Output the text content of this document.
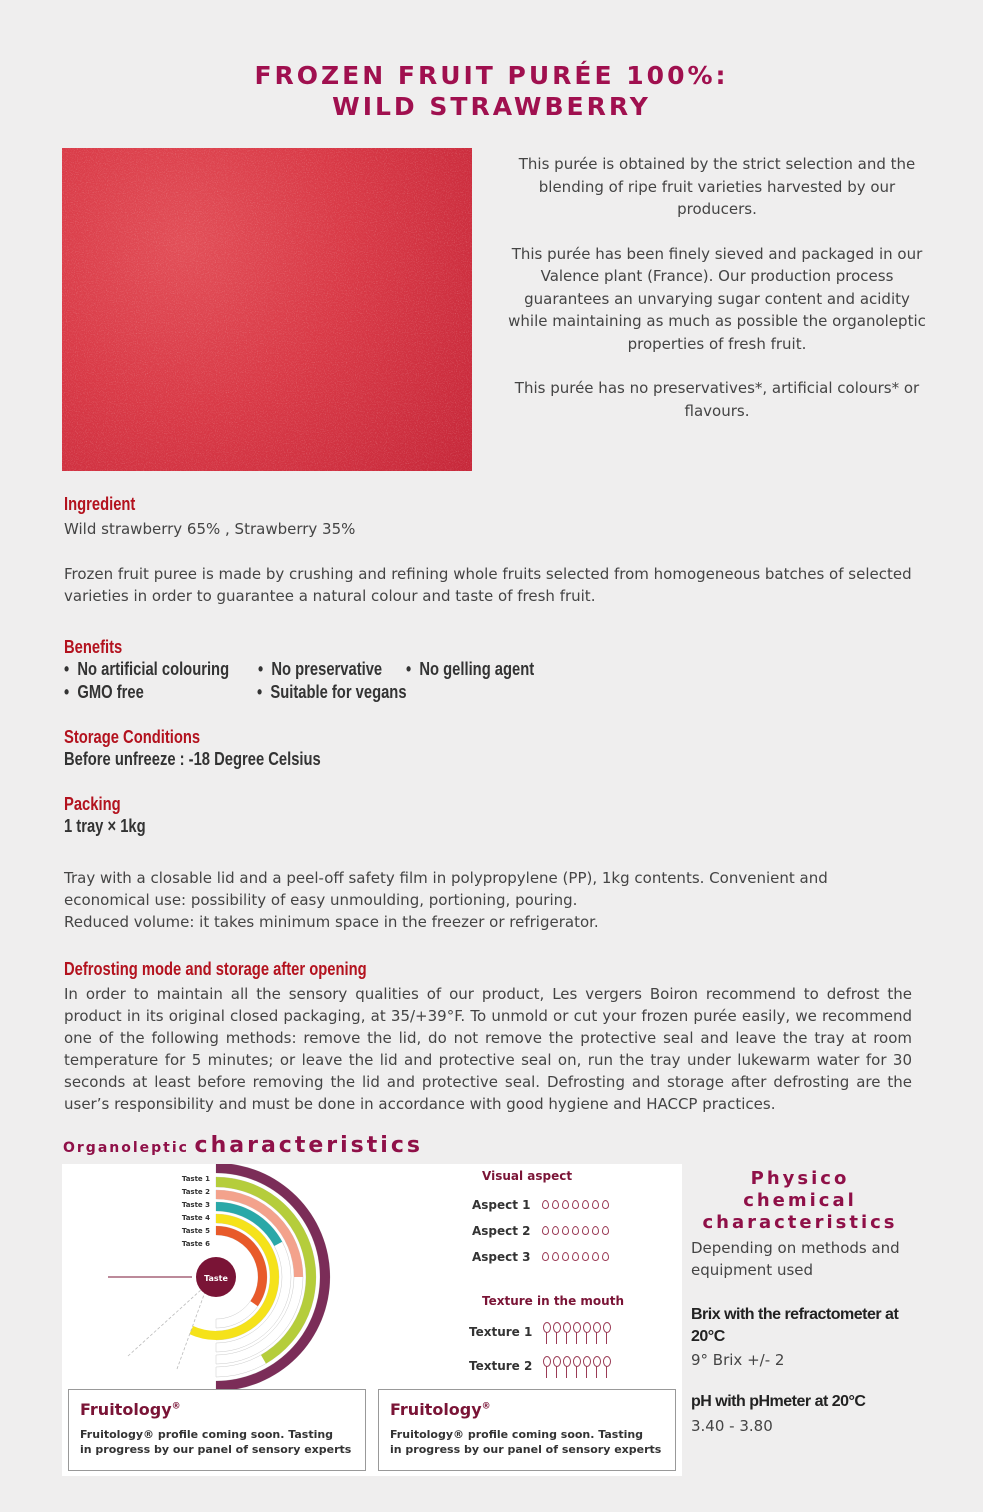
FROZEN FRUIT PURÉE 100%:
WILD STRAWBERRY

This purée is obtained by the strict selection and the blending of ripe fruit varieties harvested by our producers.

This purée has been finely sieved and packaged in our Valence plant (France). Our production process guarantees an unvarying sugar content and acidity while maintaining as much as possible the organoleptic properties of fresh fruit.

This purée has no preservatives*, artificial colours* or flavours.

Ingredient
Wild strawberry 65% , Strawberry 35%
Frozen fruit puree is made by crushing and refining whole fruits selected from homogeneous batches of selected varieties in order to guarantee a natural colour and taste of fresh fruit.
Benefits
•  No artificial colouring •  No preservative •  No gelling agent
•  GMO free	•  Suitable for vegans
Storage Conditions
Before unfreeze : -18 Degree Celsius
Packing
1 tray × 1kg
Tray with a closable lid and a peel-off safety film in polypropylene (PP), 1kg contents. Convenient and economical use: possibility of easy unmoulding, portioning, pouring.
Reduced volume: it takes minimum space in the freezer or refrigerator.
Defrosting mode and storage after opening
In order to maintain all the sensory qualities of our product, Les vergers Boiron recommend to defrost the product in its original closed packaging, at 35/+39°F. To unmold or cut your frozen purée easily, we recommend one of the following methods: remove the lid, do not remove the protective seal and leave the tray at room temperature for 5 minutes; or leave the lid and protective seal on, run the tray under lukewarm water for 30 seconds at least before removing the lid and protective seal. Defrosting and storage after defrosting are the user’s responsibility and must be done in accordance with good hygiene and HACCP practices.
Organoleptic characteristics
Taste
Taste 1
Taste 2
Taste 3
Taste 4
Taste 5
Taste 6
Visual aspect
Aspect 1
Aspect 2
Aspect 3
Texture in the mouth
$^{Texture 1}$
$^{Texture 2}$
Fruitology®
Fruitology® profile coming soon. Tasting
in progress by our panel of sensory experts
Fruitology®
Fruitology® profile coming soon. Tasting
in progress by our panel of sensory experts
Physico chemical
characteristics
Depending on methods and equipment used
Brix with the refractometer at 20°C
9° Brix +/- 2
pH with pHmeter at 20°C
3.40 - 3.80
